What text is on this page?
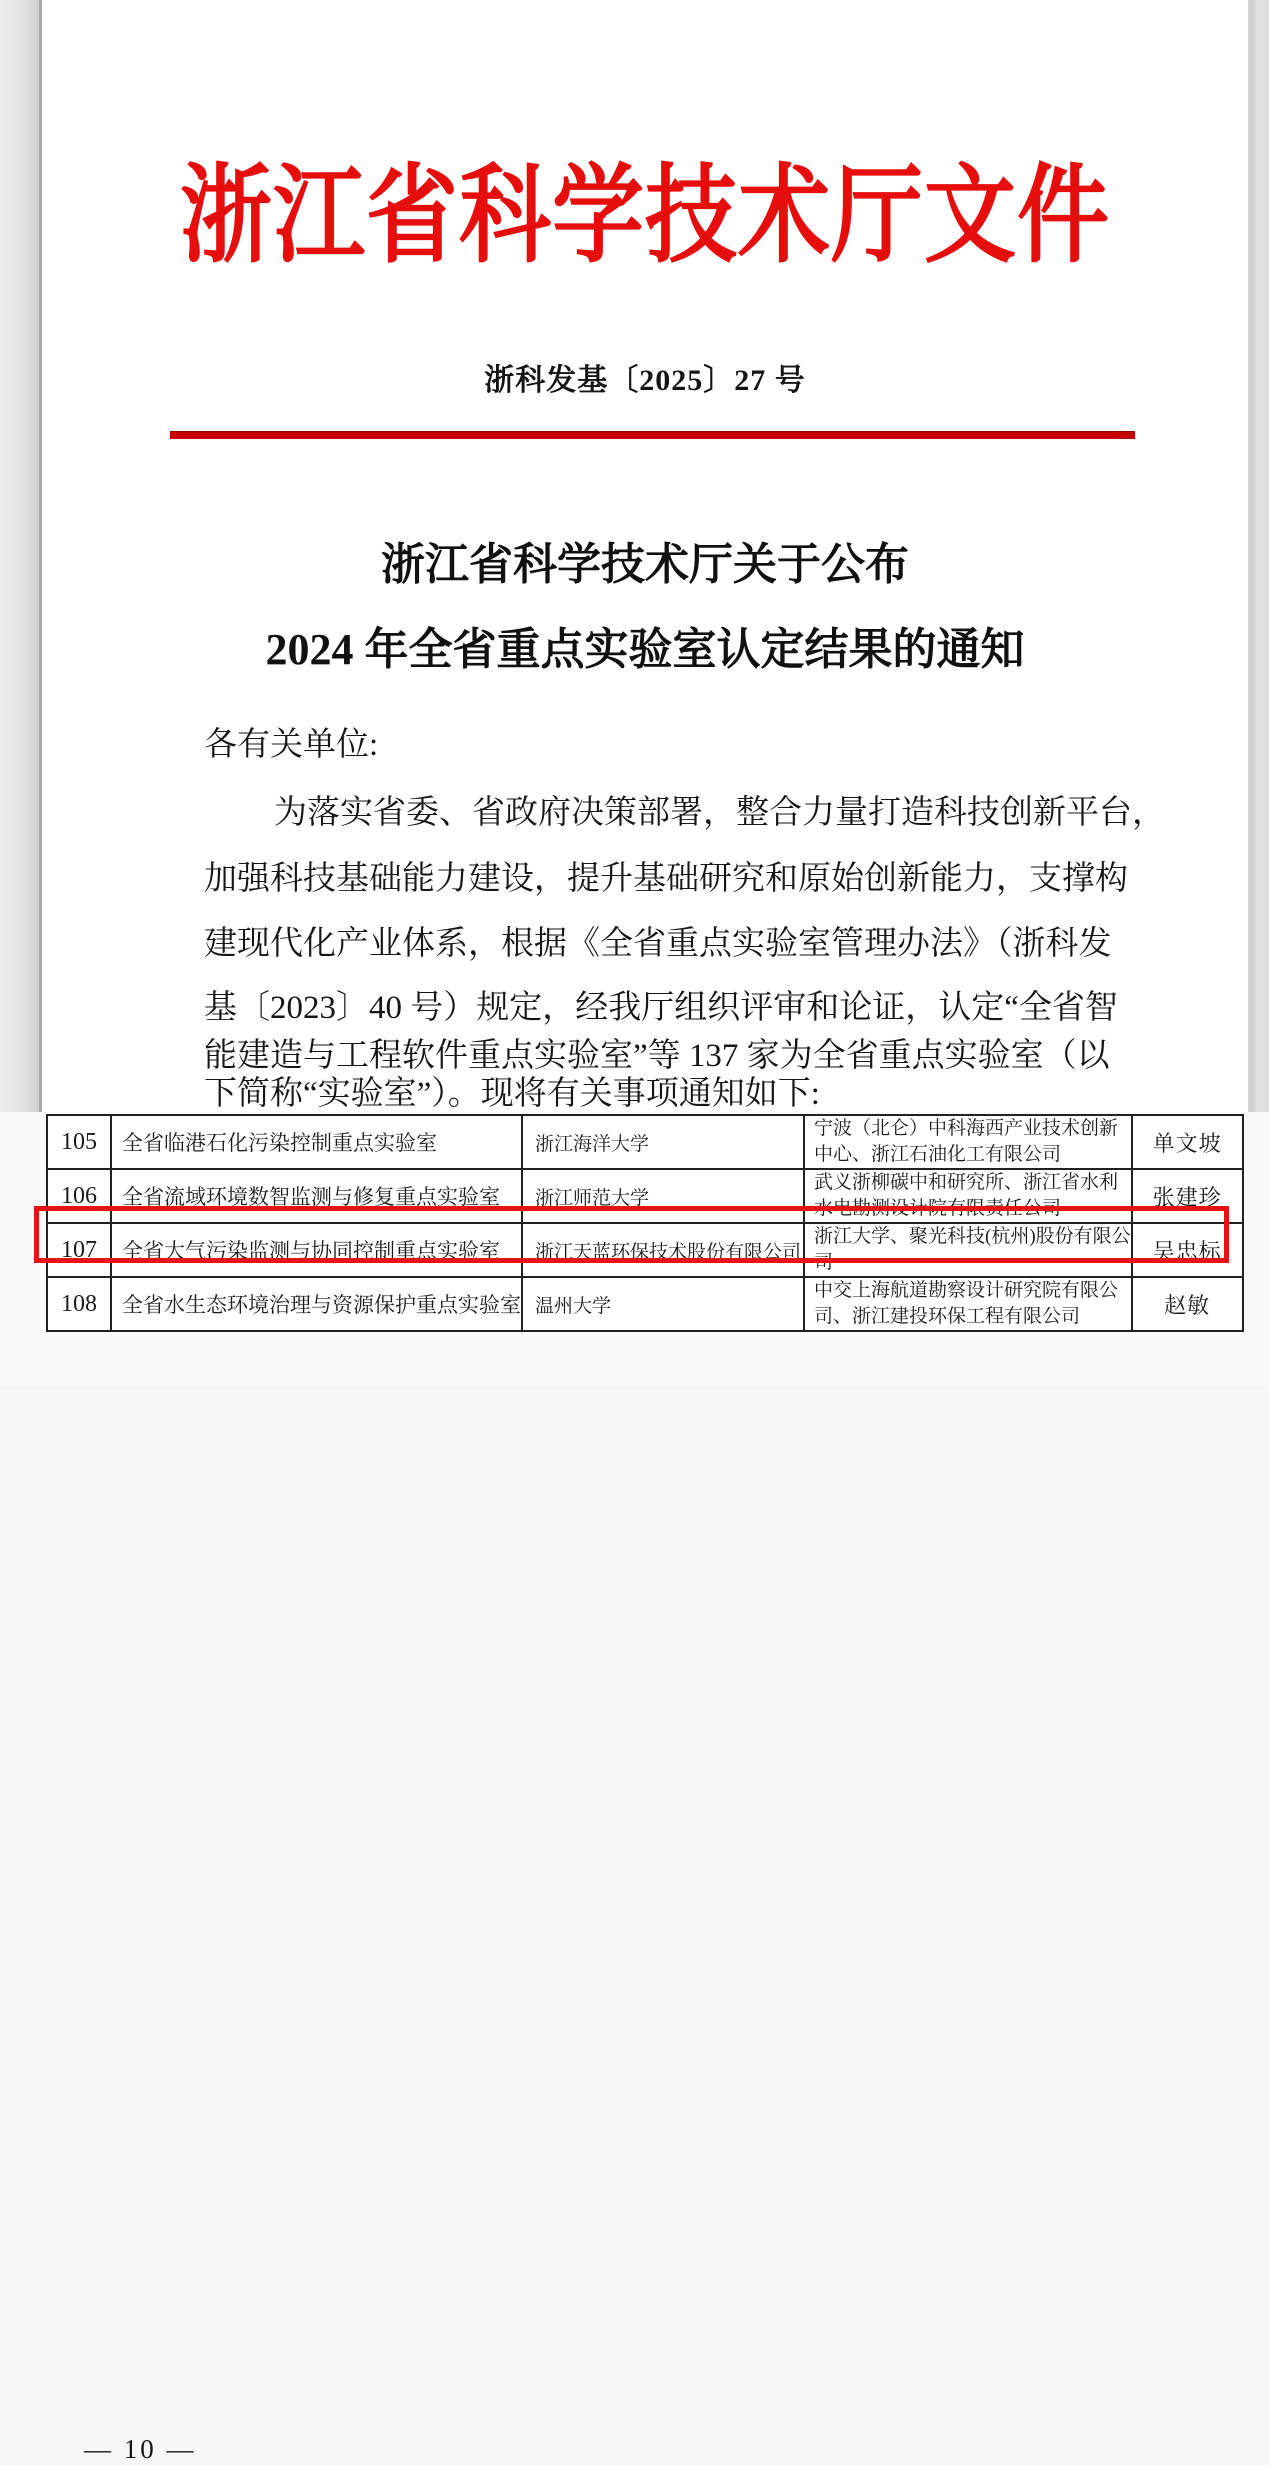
浙江省科学技术厅文件
浙科发基〔2025〕27 号
浙江省科学技术厅关于公布
2024 年全省重点实验室认定结果的通知
各有关单位:
为落实省委、省政府决策部署，整合力量打造科技创新平台，
加强科技基础能力建设，提升基础研究和原始创新能力，支撑构
建现代化产业体系，根据《全省重点实验室管理办法》（浙科发
基〔2023〕40 号）规定，经我厅组织评审和论证，认定“全省智
能建造与工程软件重点实验室”等 137 家为全省重点实验室（以
下简称“实验室”）。现将有关事项通知如下:
— 10 —
105	全省临港石化污染控制重点实验室	浙江海洋大学	宁波（北仑）中科海西产业技术创新
中心、浙江石油化工有限公司	单文坡
106	全省流域环境数智监测与修复重点实验室	浙江师范大学	武义浙柳碳中和研究所、浙江省水利
水电勘测设计院有限责任公司	张建珍
107	全省大气污染监测与协同控制重点实验室	浙江天蓝环保技术股份有限公司	浙江大学、聚光科技(杭州)股份有限公
司	吴忠标
108	全省水生态环境治理与资源保护重点实验室	温州大学	中交上海航道勘察设计研究院有限公
司、浙江建投环保工程有限公司	赵敏
